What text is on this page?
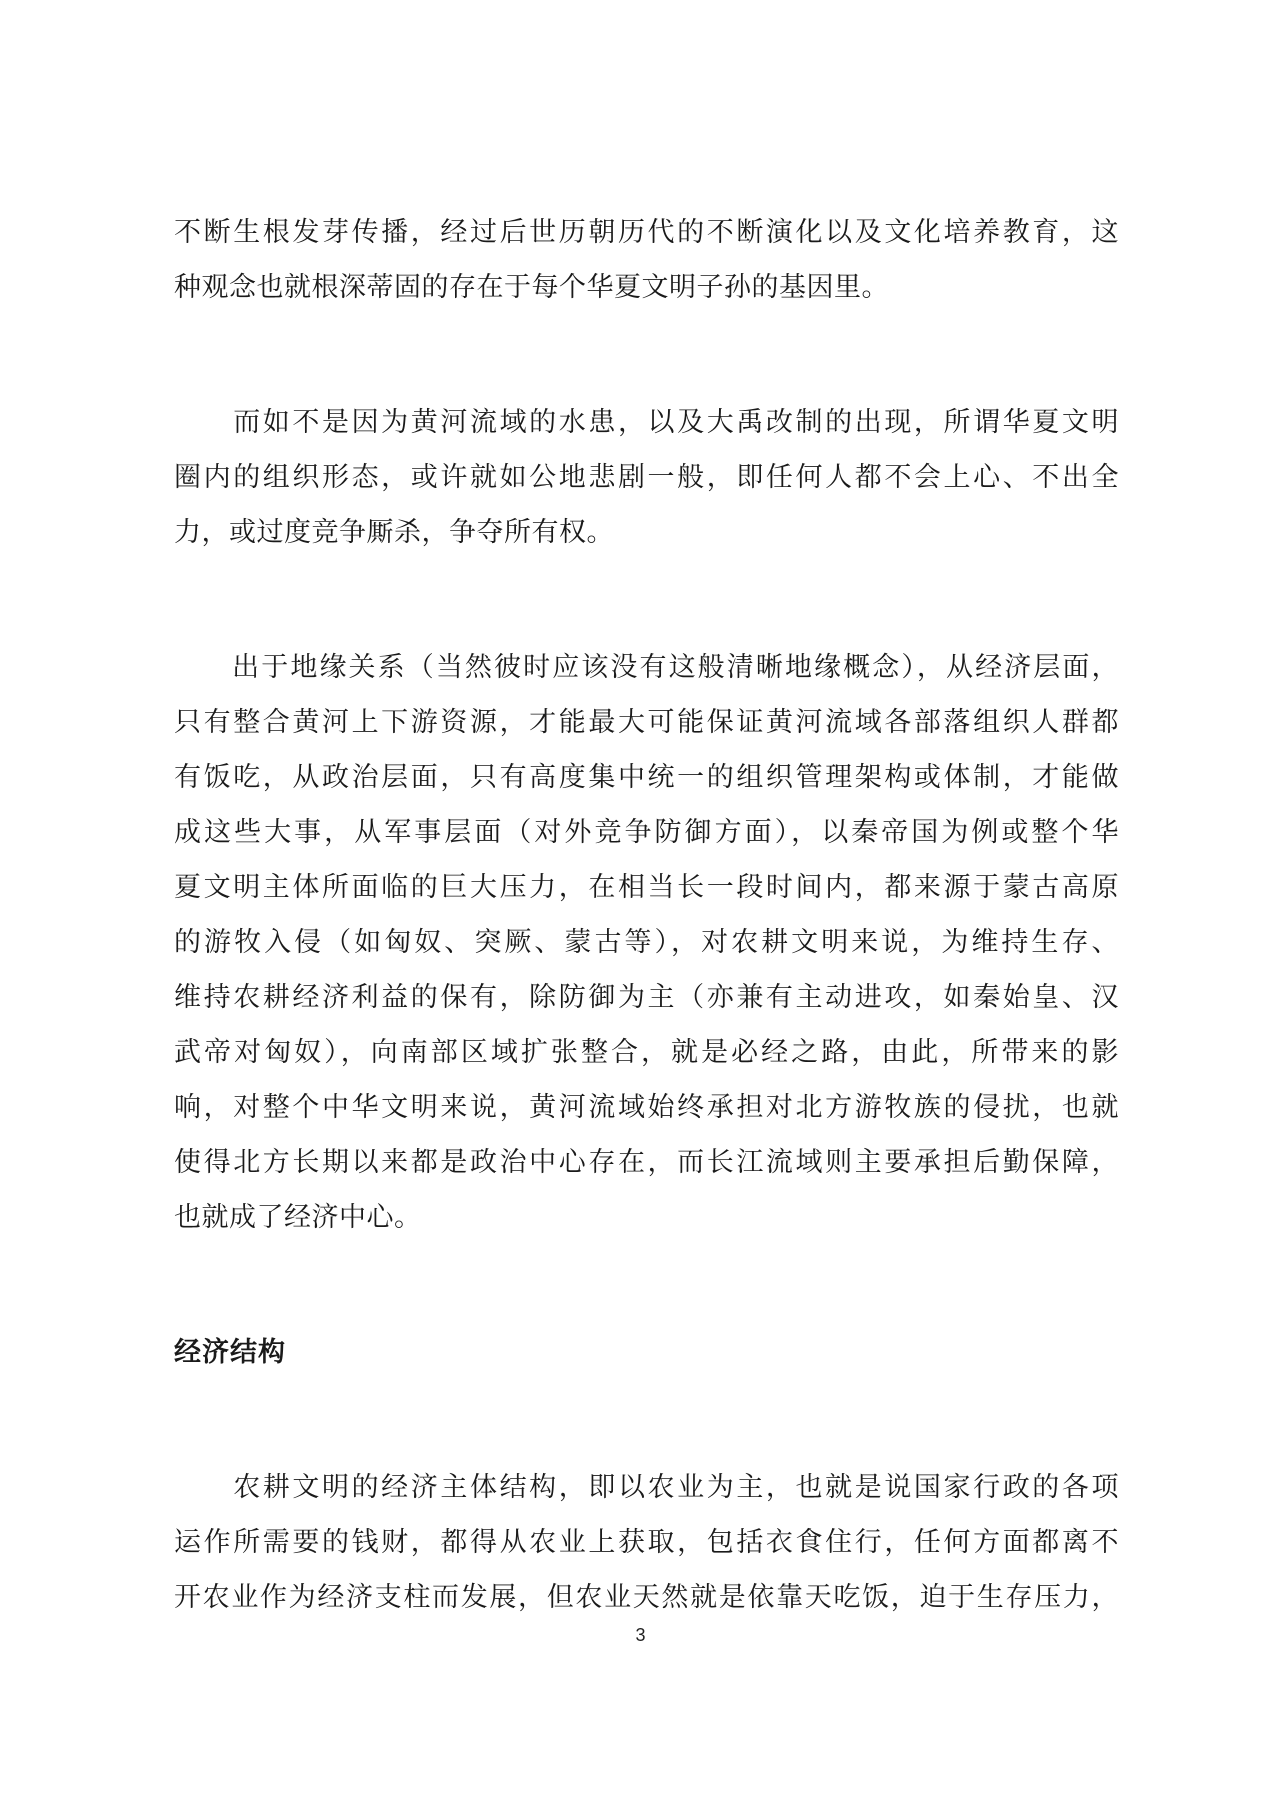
不断生根发芽传播，经过后世历朝历代的不断演化以及文化培养教育，这
种观念也就根深蒂固的存在于每个华夏文明子孙的基因里。
　　而如不是因为黄河流域的水患，以及大禹改制的出现，所谓华夏文明
圈内的组织形态，或许就如公地悲剧一般，即任何人都不会上心、不出全
力，或过度竞争厮杀，争夺所有权。
　　出于地缘关系（当然彼时应该没有这般清晰地缘概念），从经济层面，
只有整合黄河上下游资源，才能最大可能保证黄河流域各部落组织人群都
有饭吃，从政治层面，只有高度集中统一的组织管理架构或体制，才能做
成这些大事，从军事层面（对外竞争防御方面），以秦帝国为例或整个华
夏文明主体所面临的巨大压力，在相当长一段时间内，都来源于蒙古高原
的游牧入侵（如匈奴、突厥、蒙古等），对农耕文明来说，为维持生存、
维持农耕经济利益的保有，除防御为主（亦兼有主动进攻，如秦始皇、汉
武帝对匈奴），向南部区域扩张整合，就是必经之路，由此，所带来的影
响，对整个中华文明来说，黄河流域始终承担对北方游牧族的侵扰，也就
使得北方长期以来都是政治中心存在，而长江流域则主要承担后勤保障，
也就成了经济中心。
经济结构
　　农耕文明的经济主体结构，即以农业为主，也就是说国家行政的各项
运作所需要的钱财，都得从农业上获取，包括衣食住行，任何方面都离不
开农业作为经济支柱而发展，但农业天然就是依靠天吃饭，迫于生存压力，
3
